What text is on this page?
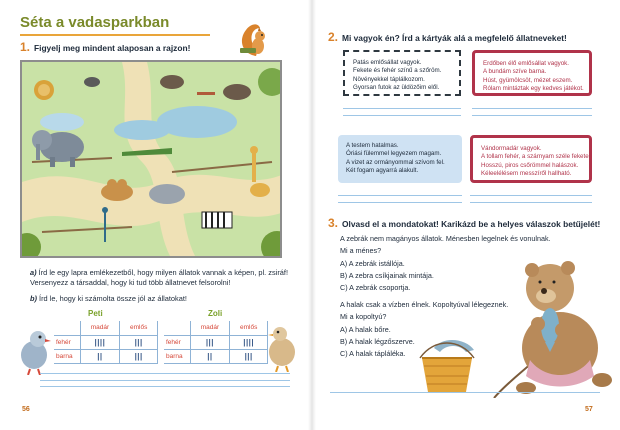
Séta a vadasparkban
1. Figyelj meg mindent alaposan a rajzon!
a) Írd le egy lapra emlékezetből, hogy milyen állatok vannak a képen, pl. zsiráf! Versenyezz a társaddal, hogy ki tud több állatnevet felsorolni!
b) Írd le, hogy ki számolta össze jól az állatokat!
Peti
	madár	emlős
fehér	||||	|||
barna	||	|||
Zoli
	madár	emlős
fehér	|||	||||
barna	||	|||
56
2. Mi vagyok én? Írd a kártyák alá a megfelelő állatneveket!
Patás emlősállat vagyok.
Fekete és fehér színű a szőröm.
Növényekkel táplálkozom.
Gyorsan futok az üldözőim elől.
Erdőben élő emlősállat vagyok.
A bundám szíve barna.
Húst, gyümölcsöt, mézet eszem.
Rólam mintáztak egy kedves játékot.
A testem hatalmas.
Óriási fülemmel legyezem magam.
A vizet az ormányommal szívom fel.
Két fogam agyarrá alakult.
Vándormadár vagyok.
A tollam fehér, a szárnyam széle fekete.
Hosszú, piros csőrömmel halászok.
Kéleelélésem messzíről hallható.
3. Olvasd el a mondatokat! Karikázd be a helyes válaszok betűjelét!
A zebrák nem magányos állatok. Ménesben legelnek és vonulnak.
Mi a ménes?
A) A zebrák istállója.
B) A zebra csíkjainak mintája.
C) A zebrák csoportja.
A halak csak a vízben élnek. Kopoltyúval lélegeznek.
Mi a kopoltyú?
A) A halak bőre.
B) A halak légzőszerve.
C) A halak tápláléka.
57
